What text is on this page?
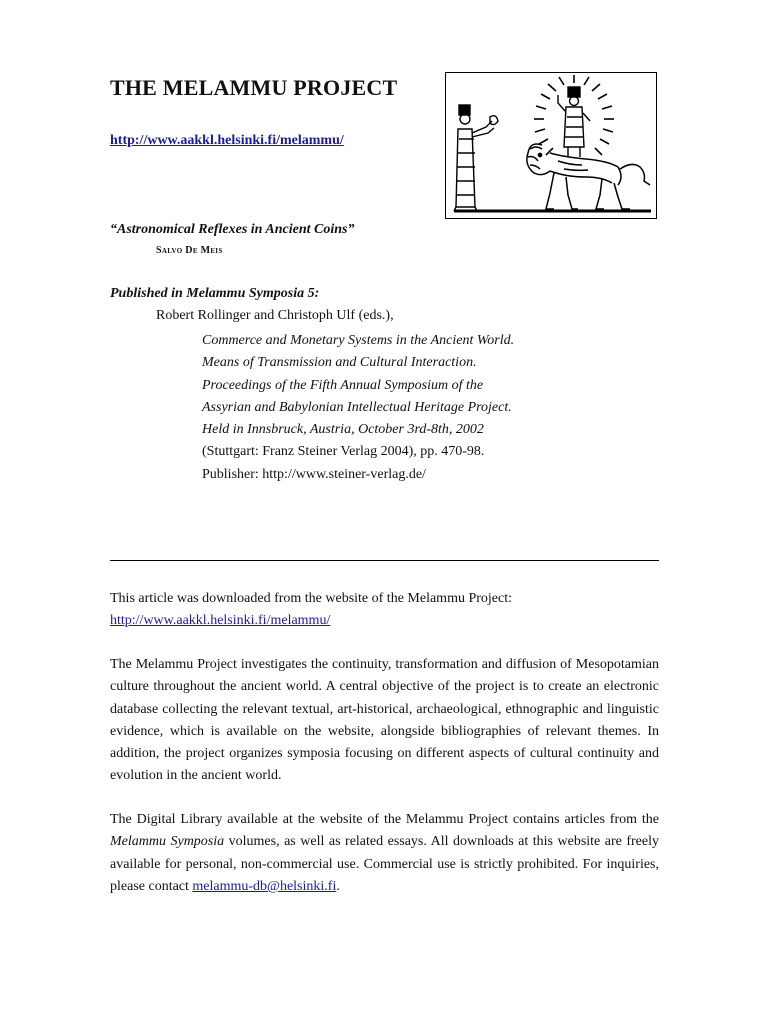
THE MELAMMU PROJECT
http://www.aakkl.helsinki.fi/melammu/
“Astronomical Reflexes in Ancient Coins”
Salvo De Meis
Published in Melammu Symposia 5:
Robert Rollinger and Christoph Ulf (eds.),
Commerce and Monetary Systems in the Ancient World.
Means of Transmission and Cultural Interaction.
Proceedings of the Fifth Annual Symposium of the
Assyrian and Babylonian Intellectual Heritage Project.
Held in Innsbruck, Austria, October 3rd-8th, 2002
(Stuttgart: Franz Steiner Verlag 2004), pp. 470-98.
Publisher: http://www.steiner-verlag.de/
This article was downloaded from the website of the Melammu Project:
http://www.aakkl.helsinki.fi/melammu/

The Melammu Project investigates the continuity, transformation and diffusion of Mesopotamian culture throughout the ancient world. A central objective of the project is to create an electronic database collecting the relevant textual, art-historical, archaeological, ethnographic and linguistic evidence, which is available on the website, alongside bibliographies of relevant themes. In addition, the project organizes symposia focusing on different aspects of cultural continuity and evolution in the ancient world.

The Digital Library available at the website of the Melammu Project contains articles from the Melammu Symposia volumes, as well as related essays. All downloads at this website are freely available for personal, non-commercial use. Commercial use is strictly prohibited. For inquiries, please contact melammu-db@helsinki.fi.
